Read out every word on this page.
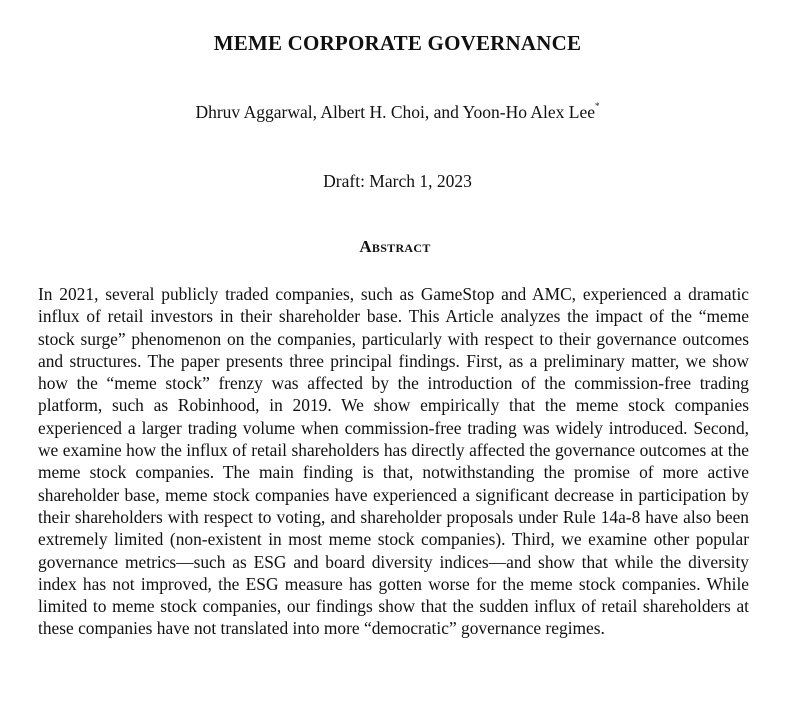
MEME CORPORATE GOVERNANCE
Dhruv Aggarwal, Albert H. Choi, and Yoon-Ho Alex Lee*
Draft: March 1, 2023
Abstract
In 2021, several publicly traded companies, such as GameStop and AMC, experienced a dramatic influx of retail investors in their shareholder base. This Article analyzes the impact of the “meme stock surge” phenomenon on the companies, particularly with respect to their governance outcomes and structures. The paper presents three principal findings. First, as a preliminary matter, we show how the “meme stock” frenzy was affected by the introduction of the commission-free trading platform, such as Robinhood, in 2019. We show empirically that the meme stock companies experienced a larger trading volume when commission-free trading was widely introduced. Second, we examine how the influx of retail shareholders has directly affected the governance outcomes at the meme stock companies. The main finding is that, notwithstanding the promise of more active shareholder base, meme stock companies have experienced a significant decrease in participation by their shareholders with respect to voting, and shareholder proposals under Rule 14a-8 have also been extremely limited (non-existent in most meme stock companies). Third, we examine other popular governance metrics—such as ESG and board diversity indices—and show that while the diversity index has not improved, the ESG measure has gotten worse for the meme stock companies. While limited to meme stock companies, our findings show that the sudden influx of retail shareholders at these companies have not translated into more “democratic” governance regimes.
